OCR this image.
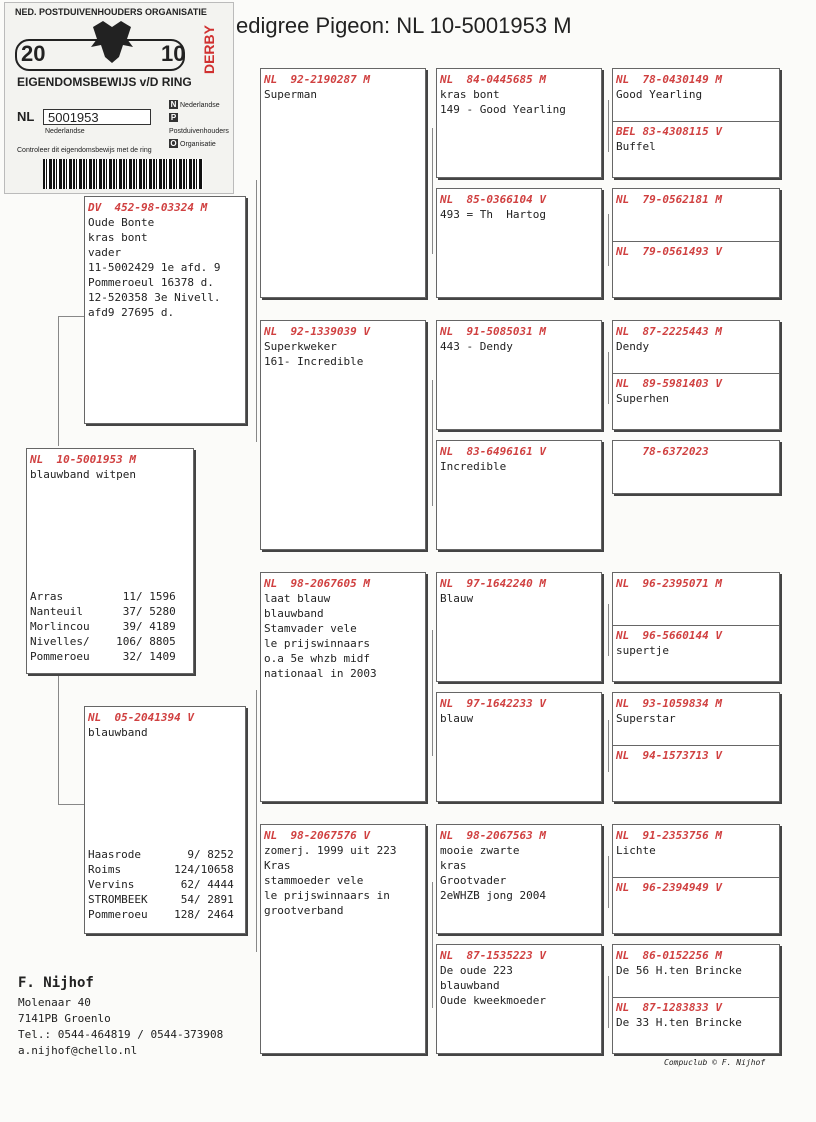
edigree Pigeon: NL 10-5001953 M
NED. POSTDUIVENHOUDERS ORGANISATIE
20	10 DERBY
EIGENDOMSBEWIJS v/D RING
NL	5001953
Nederlandse
N Nederlandse
PPostduivenhouders
O Organisatie
Controleer dit eigendomsbewijs met de ring
NL  10-5001953 M
blauwband witpen
Arras         11/ 1596
Nanteuil      37/ 5280
Morlincou     39/ 4189
Nivelles/    106/ 8805
Pommeroeu     32/ 1409
DV  452-98-03324 M
Oude Bonte
kras bont
vader
11-5002429 1e afd. 9
Pommeroeul 16378 d.
12-520358 3e Nivell.
afd9 27695 d.
NL  05-2041394 V
blauwband
Haasrode       9/ 8252
Roims        124/10658
Vervins       62/ 4444
STROMBEEK     54/ 2891
Pommeroeu    128/ 2464
NL  92-2190287 M
Superman
NL  92-1339039 V
Superkweker
161- Incredible
NL  98-2067605 M
laat blauw
blauwband
Stamvader vele
le prijswinnaars
o.a 5e whzb midf
nationaal in 2003
NL  98-2067576 V
zomerj. 1999 uit 223
Kras
stammoeder vele
le prijswinnaars in
grootverband
NL  84-0445685 M
kras bont
149 - Good Yearling
NL  85-0366104 V
493 = Th  Hartog
NL  91-5085031 M
443 - Dendy
NL  83-6496161 V
Incredible
NL  97-1642240 M
Blauw
NL  97-1642233 V
blauw
NL  98-2067563 M
mooie zwarte
kras
Grootvader
2eWHZB jong 2004
NL  87-1535223 V
De oude 223
blauwband
Oude kweekmoeder
NL  78-0430149 M
Good Yearling
BEL 83-4308115 V
Buffel
NL  79-0562181 M
NL  79-0561493 V
NL  87-2225443 M
Dendy
NL  89-5981403 V
Superhen
78-6372023
NL  96-2395071 M
NL  96-5660144 V
supertje
NL  93-1059834 M
Superstar
NL  94-1573713 V
NL  91-2353756 M
Lichte
NL  96-2394949 V
NL  86-0152256 M
De 56 H.ten Brincke
NL  87-1283833 V
De 33 H.ten Brincke
F. Nijhof
Molenaar 40
7141PB Groenlo
Tel.: 0544-464819 / 0544-373908
a.nijhof@chello.nl
Compuclub © F. Nijhof
